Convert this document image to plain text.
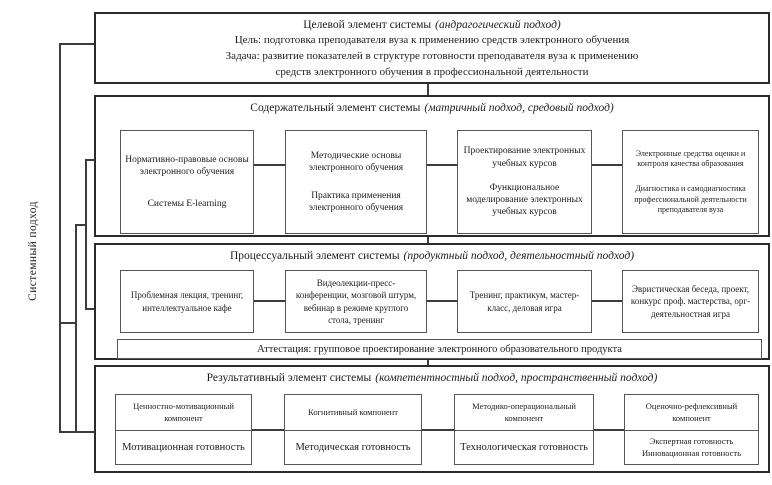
Системный подход
Целевой элемент системы (андрагогический подход)
Цель: подготовка преподавателя вуза к применению средств электронного обучения
Задача: развитие показателей в структуре готовности преподавателя вуза к применению
средств электронного обучения в профессиональной деятельности
Содержательный элемент системы (матричный подход, средовый подход)
Нормативно-правовые основы электронного обучения
Системы E-learning
Методические основы электронного обучения
Практика применения электронного обучения
Проектирование электронных учебных курсов
Функциональное моделирование электронных учебных курсов
Электронные средства оценки и контроля качества образования
Диагностика и самодиагностика профессиональной деятельности преподавателя вуза
Процессуальный элемент системы (продуктный подход, деятельностный подход)
Проблемная лекция, тренинг, интеллектуальное кафе
Видеолекции-пресс-конференции, мозговой штурм, вебинар в режиме круглого стола, тренинг
Тренинг, практикум, мастер-класс, деловая игра
Эвристическая беседа, проект, конкурс проф. мастерства, орг-деятельностная игра
Аттестация: групповое проектирование электронного образовательного продукта
Результативный элемент системы (компетентностный подход, пространственный подход)
Ценностно-мотивационный компонент
Мотивационная готовность
Когнитивный компонент
Методическая готовность
Методико-операциональный компонент
Технологическая готовность
Оценочно-рефлексивный компонент
Экспертная готовность
Инновационная готовность
